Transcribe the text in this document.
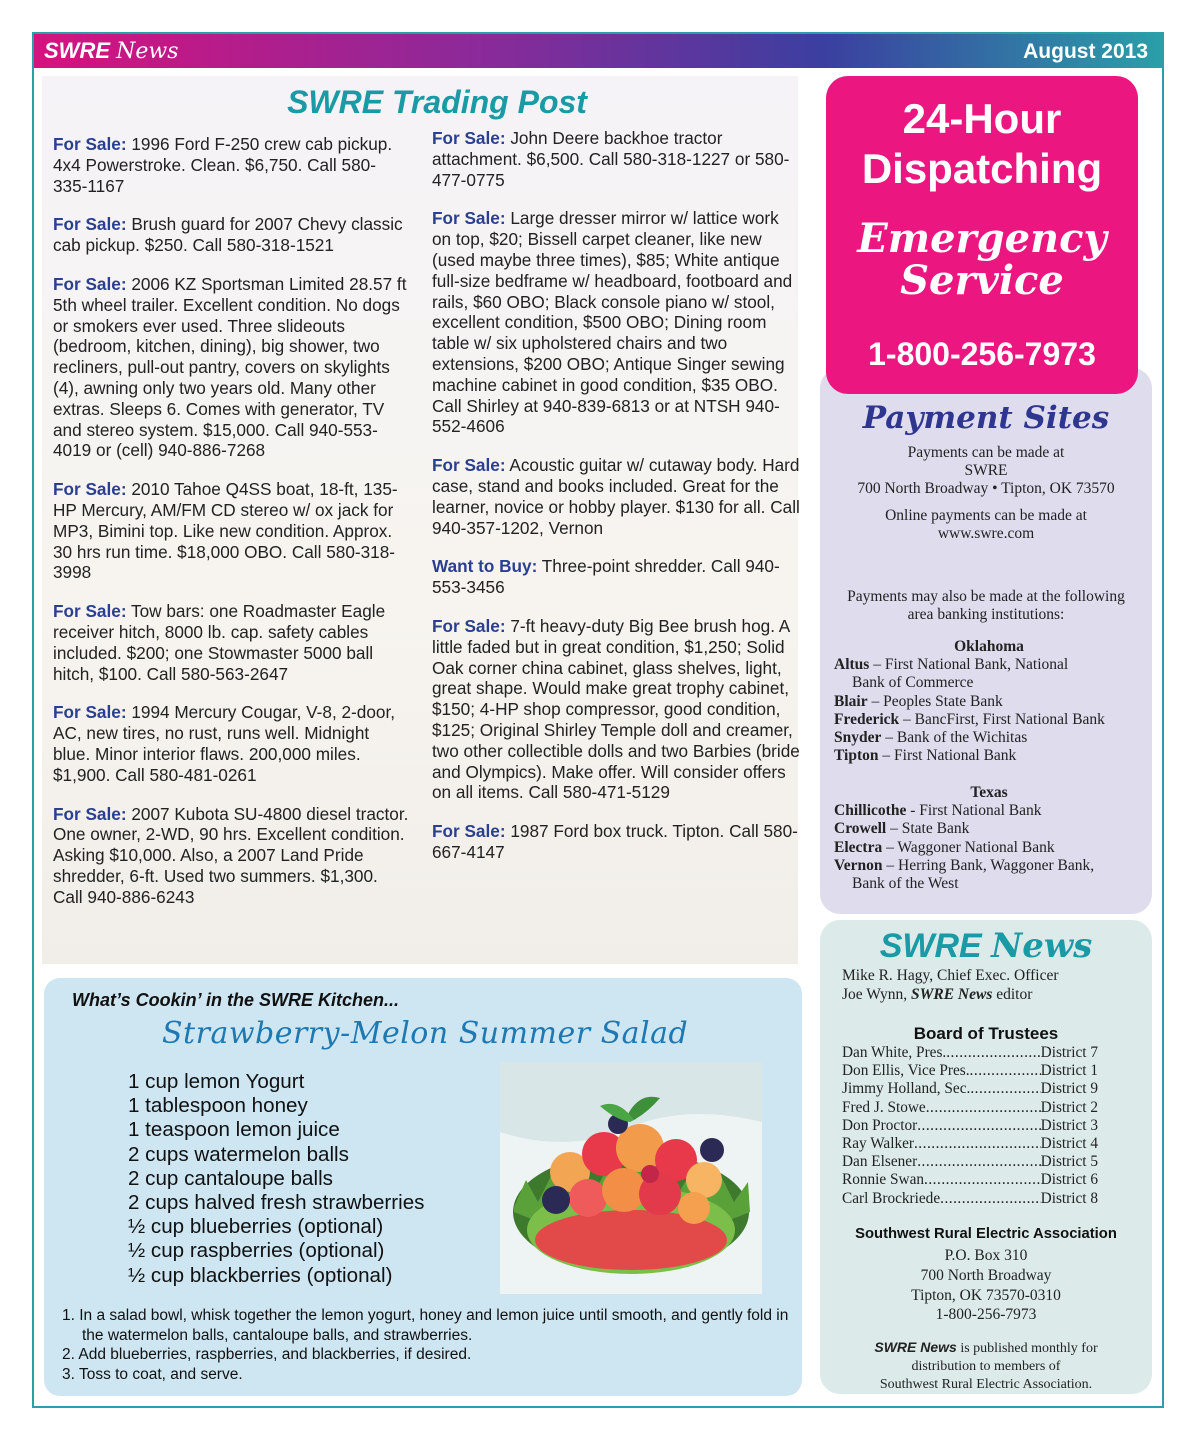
SWRE News	August 2013
SWRE Trading Post
For Sale: 1996 Ford F-250 crew cab pickup. 4x4 Powerstroke. Clean. $6,750. Call 580-335-1167
For Sale: Brush guard for 2007 Chevy classic cab pickup. $250. Call 580-318-1521
For Sale: 2006 KZ Sportsman Limited 28.57 ft 5th wheel trailer. Excellent condition. No dogs or smokers ever used. Three slideouts (bedroom, kitchen, dining), big shower, two recliners, pull-out pantry, covers on skylights (4), awning only two years old. Many other extras. Sleeps 6. Comes with generator, TV and stereo system. $15,000. Call 940-553-4019 or (cell) 940-886-7268
For Sale: 2010 Tahoe Q4SS boat, 18-ft, 135-HP Mercury, AM/FM CD stereo w/ ox jack for MP3, Bimini top. Like new condition. Approx. 30 hrs run time. $18,000 OBO. Call 580-318-3998
For Sale: Tow bars: one Roadmaster Eagle receiver hitch, 8000 lb. cap. safety cables included. $200; one Stowmaster 5000 ball hitch, $100. Call 580-563-2647
For Sale: 1994 Mercury Cougar, V-8, 2-door, AC, new tires, no rust, runs well. Midnight blue. Minor interior flaws. 200,000 miles. $1,900. Call 580-481-0261
For Sale: 2007 Kubota SU-4800 diesel tractor. One owner, 2-WD, 90 hrs. Excellent condition. Asking $10,000. Also, a 2007 Land Pride shredder, 6-ft. Used two summers. $1,300. Call 940-886-6243
For Sale: John Deere backhoe tractor attachment. $6,500. Call 580-318-1227 or 580-477-0775
For Sale: Large dresser mirror w/ lattice work on top, $20; Bissell carpet cleaner, like new (used maybe three times), $85; White antique full-size bedframe w/ headboard, footboard and rails, $60 OBO; Black console piano w/ stool, excellent condition, $500 OBO; Dining room table w/ six upholstered chairs and two extensions, $200 OBO; Antique Singer sewing machine cabinet in good condition, $35 OBO. Call Shirley at 940-839-6813 or at NTSH 940-552-4606
For Sale: Acoustic guitar w/ cutaway body. Hard case, stand and books included. Great for the learner, novice or hobby player. $130 for all. Call 940-357-1202, Vernon
Want to Buy: Three-point shredder. Call 940-553-3456
For Sale: 7-ft heavy-duty Big Bee brush hog. A little faded but in great condition, $1,250; Solid Oak corner china cabinet, glass shelves, light, great shape. Would make great trophy cabinet, $150; 4-HP shop compressor, good condition, $125; Original Shirley Temple doll and creamer, two other collectible dolls and two Barbies (bride and Olympics). Make offer. Will consider offers on all items. Call 580-471-5129
For Sale: 1987 Ford box truck. Tipton. Call 580-667-4147
What’s Cookin’ in the SWRE Kitchen...
Strawberry-Melon Summer Salad
1 cup lemon Yogurt
1 tablespoon honey
1 teaspoon lemon juice
2 cups watermelon balls
2 cup cantaloupe balls
2 cups halved fresh strawberries
½ cup blueberries (optional)
½ cup raspberries (optional)
½ cup blackberries (optional)
1. In a salad bowl, whisk together the lemon yogurt, honey and lemon juice until smooth, and gently fold in the watermelon balls, cantaloupe balls, and strawberries.
2. Add blueberries, raspberries, and blackberries, if desired.
3. Toss to coat, and serve.
24-Hour
Dispatching
Emergency
Service
1-800-256-7973
Payment Sites
Payments can be made at
SWRE
700 North Broadway • Tipton, OK 73570
Online payments can be made at
www.swre.com
Payments may also be made at the following
area banking institutions:
Oklahoma
Altus – First National Bank, National
Bank of Commerce
Blair – Peoples State Bank
Frederick – BancFirst, First National Bank
Snyder – Bank of the Wichitas
Tipton – First National Bank
Texas
Chillicothe - First National Bank
Crowell – State Bank
Electra – Waggoner National Bank
Vernon – Herring Bank, Waggoner Bank,
Bank of the West
SWRE News
Mike R. Hagy, Chief Exec. Officer
Joe Wynn, SWRE News editor
Board of Trustees
Dan White, Pres. .....	District 7
Don Ellis, Vice Pres. .....	District 1
Jimmy Holland, Sec. .....	District 9
Fred J. Stowe .....	District 2
Don Proctor .....	District 3
Ray Walker .....	District 4
Dan Elsener .....	District 5
Ronnie Swan .....	District 6
Carl Brockriede .....	District 8
Southwest Rural Electric Association
P.O. Box 310
700 North Broadway
Tipton, OK 73570-0310
1-800-256-7973
SWRE News is published monthly for
distribution to members of
Southwest Rural Electric Association.
